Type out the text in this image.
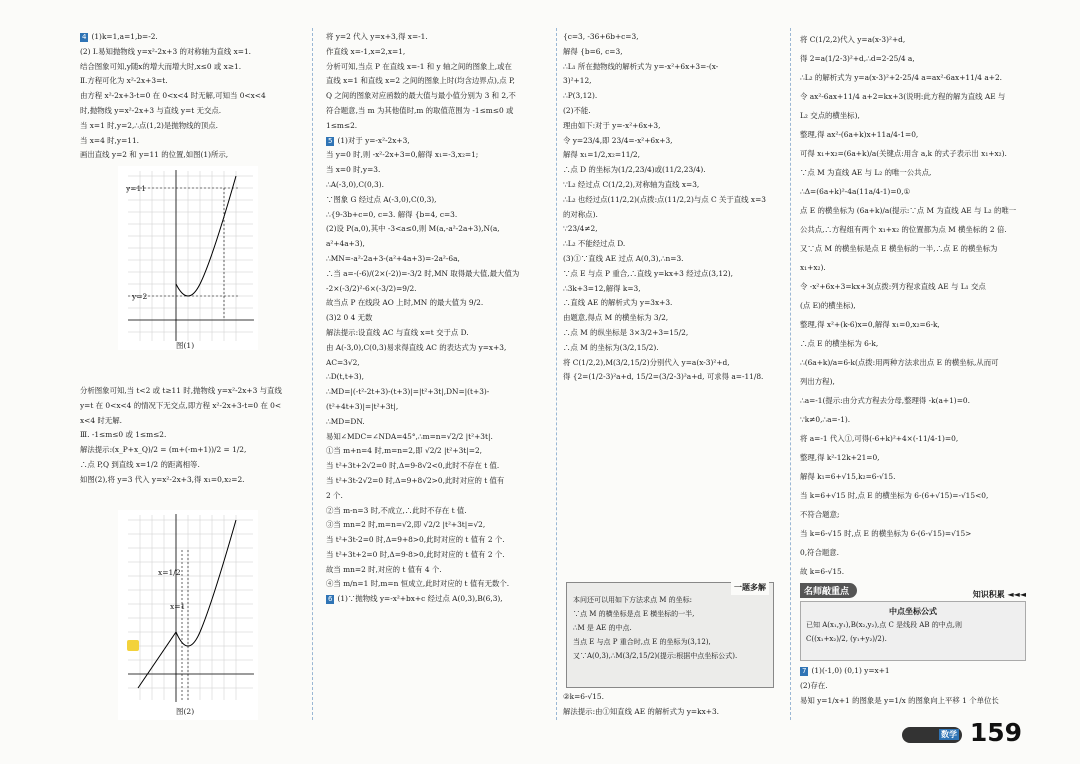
4 (1)k=1,a=1,b=-2.

(2) Ⅰ.易知抛物线 y=x²-2x+3 的对称轴为直线 x=1.

结合图象可知,y随x的增大而增大时,x≤0 或 x≥1.

Ⅱ.方程可化为 x²-2x+3=t.

由方程 x²-2x+3-t=0 在 0<x<4 时无解,可知当 0<x<4

时,抛物线 y=x²-2x+3 与直线 y=t 无交点.

当 x=1 时,y=2,∴点(1,2)是抛物线的顶点.

当 x=4 时,y=11.

画出直线 y=2 和 y=11 的位置,如图(1)所示,

y=11
y=2
图(1)

分析图象可知,当 t<2 或 t≥11 时,抛物线 y=x²-2x+3 与直线

y=t 在 0<x<4 的情况下无交点,即方程 x²-2x+3-t=0 在 0<

x<4 时无解.

Ⅲ. -1≤m≤0 或 1≤m≤2.

解法提示:(x_P+x_Q)/2 = (m+(-m+1))/2 = 1/2,

∴点 P,Q 到直线 x=1/2 的距离相等.

如图(2),将 y=3 代入 y=x²-2x+3,得 x₁=0,x₂=2.

x=1/2
x=1
图(2)

将 y=2 代入 y=x+3,得 x=-1.

作直线 x=-1,x=2,x=1,

分析可知,当点 P 在直线 x=-1 和 y 轴之间的图象上,或在

直线 x=1 和直线 x=2 之间的图象上时(均含边界点),点 P,

Q 之间的图象对应函数的最大值与最小值分别为 3 和 2,不

符合题意,当 m 为其他值时,m 的取值范围为 -1≤m≤0 或

1≤m≤2.

5 (1)对于 y=-x²-2x+3,

当 y=0 时,则 -x²-2x+3=0,解得 x₁=-3,x₂=1;

当 x=0 时,y=3.

∴A(-3,0),C(0,3).

∵图象 G 经过点 A(-3,0),C(0,3),

∴{9-3b+c=0, c=3. 解得 {b=4, c=3.

(2)设 P(a,0),其中 -3<a≤0,则 M(a,-a²-2a+3),N(a,

a²+4a+3),

∴MN=-a²-2a+3-(a²+4a+3)=-2a²-6a,

∴当 a=-(-6)/(2×(-2))=-3/2 时,MN 取得最大值,最大值为

-2×(-3/2)²-6×(-3/2)=9/2.

故当点 P 在线段 AO 上时,MN 的最大值为 9/2.

(3)2 0 4 无数

解法提示:设直线 AC 与直线 x=t 交于点 D.

由 A(-3,0),C(0,3)易求得直线 AC 的表达式为 y=x+3,

AC=3√2,

∴D(t,t+3),

∴MD=|(-t²-2t+3)-(t+3)|=|t²+3t|,DN=|(t+3)-

(t²+4t+3)|=|t²+3t|,

∴MD=DN.

易知∠MDC=∠NDA=45°,∴m=n=√2/2 |t²+3t|.

①当 m+n=4 时,m=n=2,即 √2/2 |t²+3t|=2,

当 t²+3t+2√2=0 时,Δ=9-8√2<0,此时不存在 t 值.

当 t²+3t-2√2=0 时,Δ=9+8√2>0,此时对应的 t 值有

2 个.

②当 m-n=3 时,不成立,∴此时不存在 t 值.

③当 mn=2 时,m=n=√2,即 √2/2 |t²+3t|=√2,

当 t²+3t-2=0 时,Δ=9+8>0,此时对应的 t 值有 2 个.

当 t²+3t+2=0 时,Δ=9-8>0,此时对应的 t 值有 2 个.

故当 mn=2 时,对应的 t 值有 4 个.

④当 m/n=1 时,m=n 恒成立,此时对应的 t 值有无数个.

6 (1)∵抛物线 y=-x²+bx+c 经过点 A(0,3),B(6,3),

{c=3, -36+6b+c=3,

解得 {b=6, c=3,

∴L₁ 所在抛物线的解析式为 y=-x²+6x+3=-(x-

3)²+12,

∴P(3,12).

(2)不能.

理由如下:对于 y=-x²+6x+3,

令 y=23/4,即 23/4=-x²+6x+3,

解得 x₁=1/2,x₂=11/2,

∴点 D 的坐标为(1/2,23/4)或(11/2,23/4).

∵L₂ 经过点 C(1/2,2),对称轴为直线 x=3,

∴L₂ 也经过点(11/2,2)(点拨:点(11/2,2)与点 C 关于直线 x=3

的对称点).

∵23/4≠2,

∴L₂ 不能经过点 D.

(3)①∵直线 AE 过点 A(0,3),∴n=3.

∵点 E 与点 P 重合,∴直线 y=kx+3 经过点(3,12),

∴3k+3=12,解得 k=3,

∴直线 AE 的解析式为 y=3x+3.

由题意,得点 M 的横坐标为 3/2,

∴点 M 的纵坐标是 3×3/2+3=15/2,

∴点 M 的坐标为(3/2,15/2).

将 C(1/2,2),M(3/2,15/2)分别代入 y=a(x-3)²+d,

得 {2=(1/2-3)²a+d, 15/2=(3/2-3)²a+d, 可求得 a=-11/8.

一题多解

本问还可以用如下方法求点 M 的坐标:

∵点 M 的横坐标是点 E 横坐标的一半,

∴M 是 AE 的中点.

当点 E 与点 P 重合时,点 E 的坐标为(3,12),

又∵A(0,3),∴M(3/2,15/2)(提示:根据中点坐标公式).

②k=6-√15.

解法提示:由①知直线 AE 的解析式为 y=kx+3.

将 C(1/2,2)代入 y=a(x-3)²+d,

得 2=a(1/2-3)²+d,∴d=2-25/4 a,

∴L₂ 的解析式为 y=a(x-3)²+2-25/4 a=ax²-6ax+11/4 a+2.

令 ax²-6ax+11/4 a+2=kx+3(说明:此方程的解为直线 AE 与

L₂ 交点的横坐标),

整理,得 ax²-(6a+k)x+11a/4-1=0,

可得 x₁+x₂=(6a+k)/a(关键点:用含 a,k 的式子表示出 x₁+x₂).

∵点 M 为直线 AE 与 L₂ 的唯一公共点,

∴Δ=(6a+k)²-4a(11a/4-1)=0,①

点 E 的横坐标为 (6a+k)/a(提示:∵点 M 为直线 AE 与 L₂ 的唯一

公共点,∴方程组有两个 x₁+x₂ 的位置都为点 M 横坐标的 2 倍.

又∵点 M 的横坐标是点 E 横坐标的一半,∴点 E 的横坐标为

x₁+x₂).

令 -x²+6x+3=kx+3(点拨:列方程求直线 AE 与 L₁ 交点

(点 E)的横坐标),

整理,得 x²+(k-6)x=0,解得 x₁=0,x₂=6-k,

∴点 E 的横坐标为 6-k,

∴(6a+k)/a=6-k(点拨:用两种方法求出点 E 的横坐标,从而可

列出方程),

∴a=-1(提示:由分式方程去分母,整理得 -k(a+1)=0.

∵k≠0,∴a=-1).

将 a=-1 代入①,可得(-6+k)²+4×(-11/4-1)=0,

整理,得 k²-12k+21=0,

解得 k₁=6+√15,k₂=6-√15.

当 k=6+√15 时,点 E 的横坐标为 6-(6+√15)=-√15<0,

不符合题意;

当 k=6-√15 时,点 E 的横坐标为 6-(6-√15)=√15>

0,符合题意.

故 k=6-√15.

名师敲重点	知识积累 ◄◄◄
中点坐标公式

已知 A(x₁,y₁),B(x₂,y₂),点 C 是线段 AB 的中点,则

C((x₁+x₂)/2, (y₁+y₂)/2).

7 (1)(-1,0) (0,1) y=x+1

(2)存在.

易知 y=1/x+1 的图象是 y=1/x 的图象向上平移 1 个单位长

数学 159
